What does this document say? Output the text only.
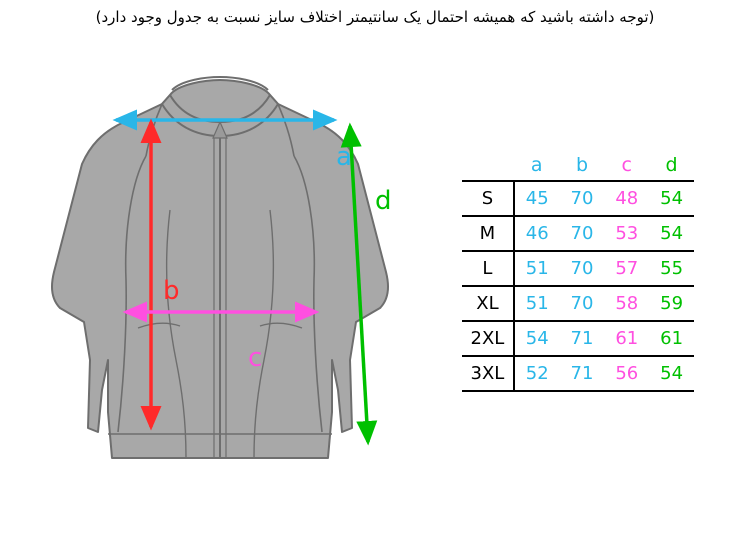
(توجه داشته باشید که همیشه احتمال یک سانتیمتر اختلاف سایز نسبت به جدول وجود دارد)
a
b
c
d
	a	b	c	d
S	45	70	48	54
M	46	70	53	54
L	51	70	57	55
XL	51	70	58	59
2XL	54	71	61	61
3XL	52	71	56	54
